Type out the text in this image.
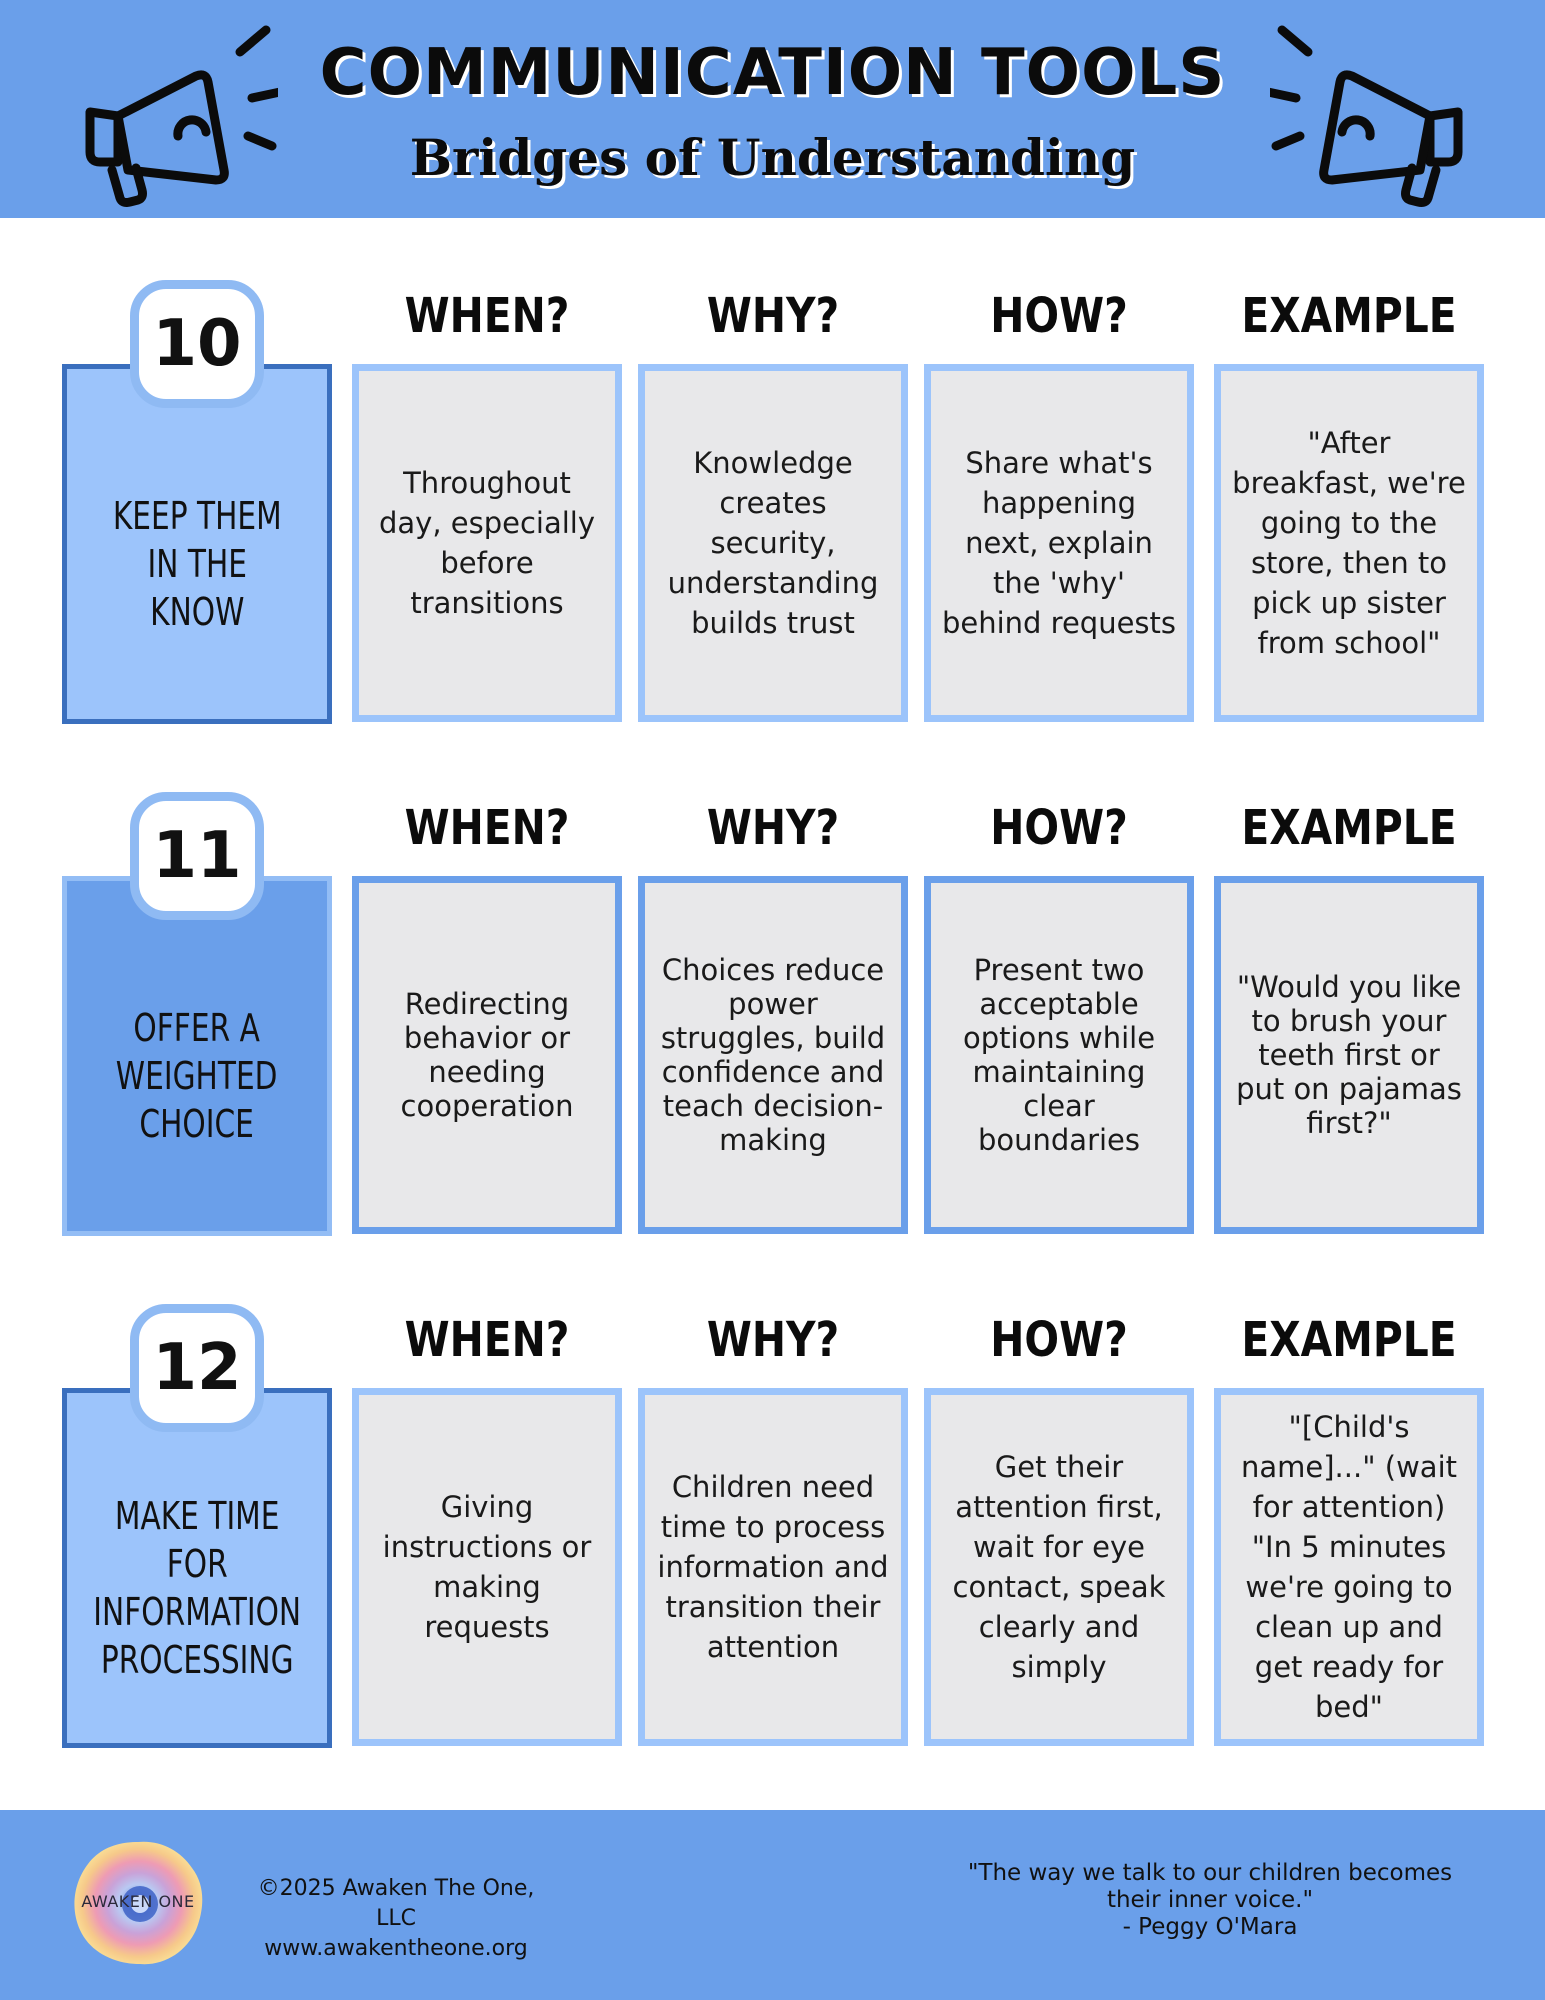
COMMUNICATION TOOLS
Bridges of Understanding
10
KEEP THEM
IN THE
KNOW
WHEN?	WHY?	HOW?	EXAMPLE
Throughout day, especially before transitions
Knowledge creates security, understanding builds trust
Share what's happening next, explain the 'why' behind requests
"After breakfast, we're going to the store, then to pick up sister from school"
11
OFFER A
WEIGHTED
CHOICE
WHEN?	WHY?	HOW?	EXAMPLE
Redirecting behavior or needing cooperation
Choices reduce power struggles, build confidence and teach decision-making
Present two acceptable options while maintaining clear boundaries
"Would you like to brush your teeth first or put on pajamas first?"
12
MAKE TIME
FOR
INFORMATION
PROCESSING
WHEN?	WHY?	HOW?	EXAMPLE
Giving instructions or making requests
Children need time to process information and transition their attention
Get their attention first, wait for eye contact, speak clearly and simply
"[Child's name]..." (wait for attention) "In 5 minutes we're going to clean up and get ready for bed"
AWAKEN ONE
©2025 Awaken The One, LLC
www.awakentheone.org
"The way we talk to our children becomes
their inner voice."
- Peggy O'Mara
